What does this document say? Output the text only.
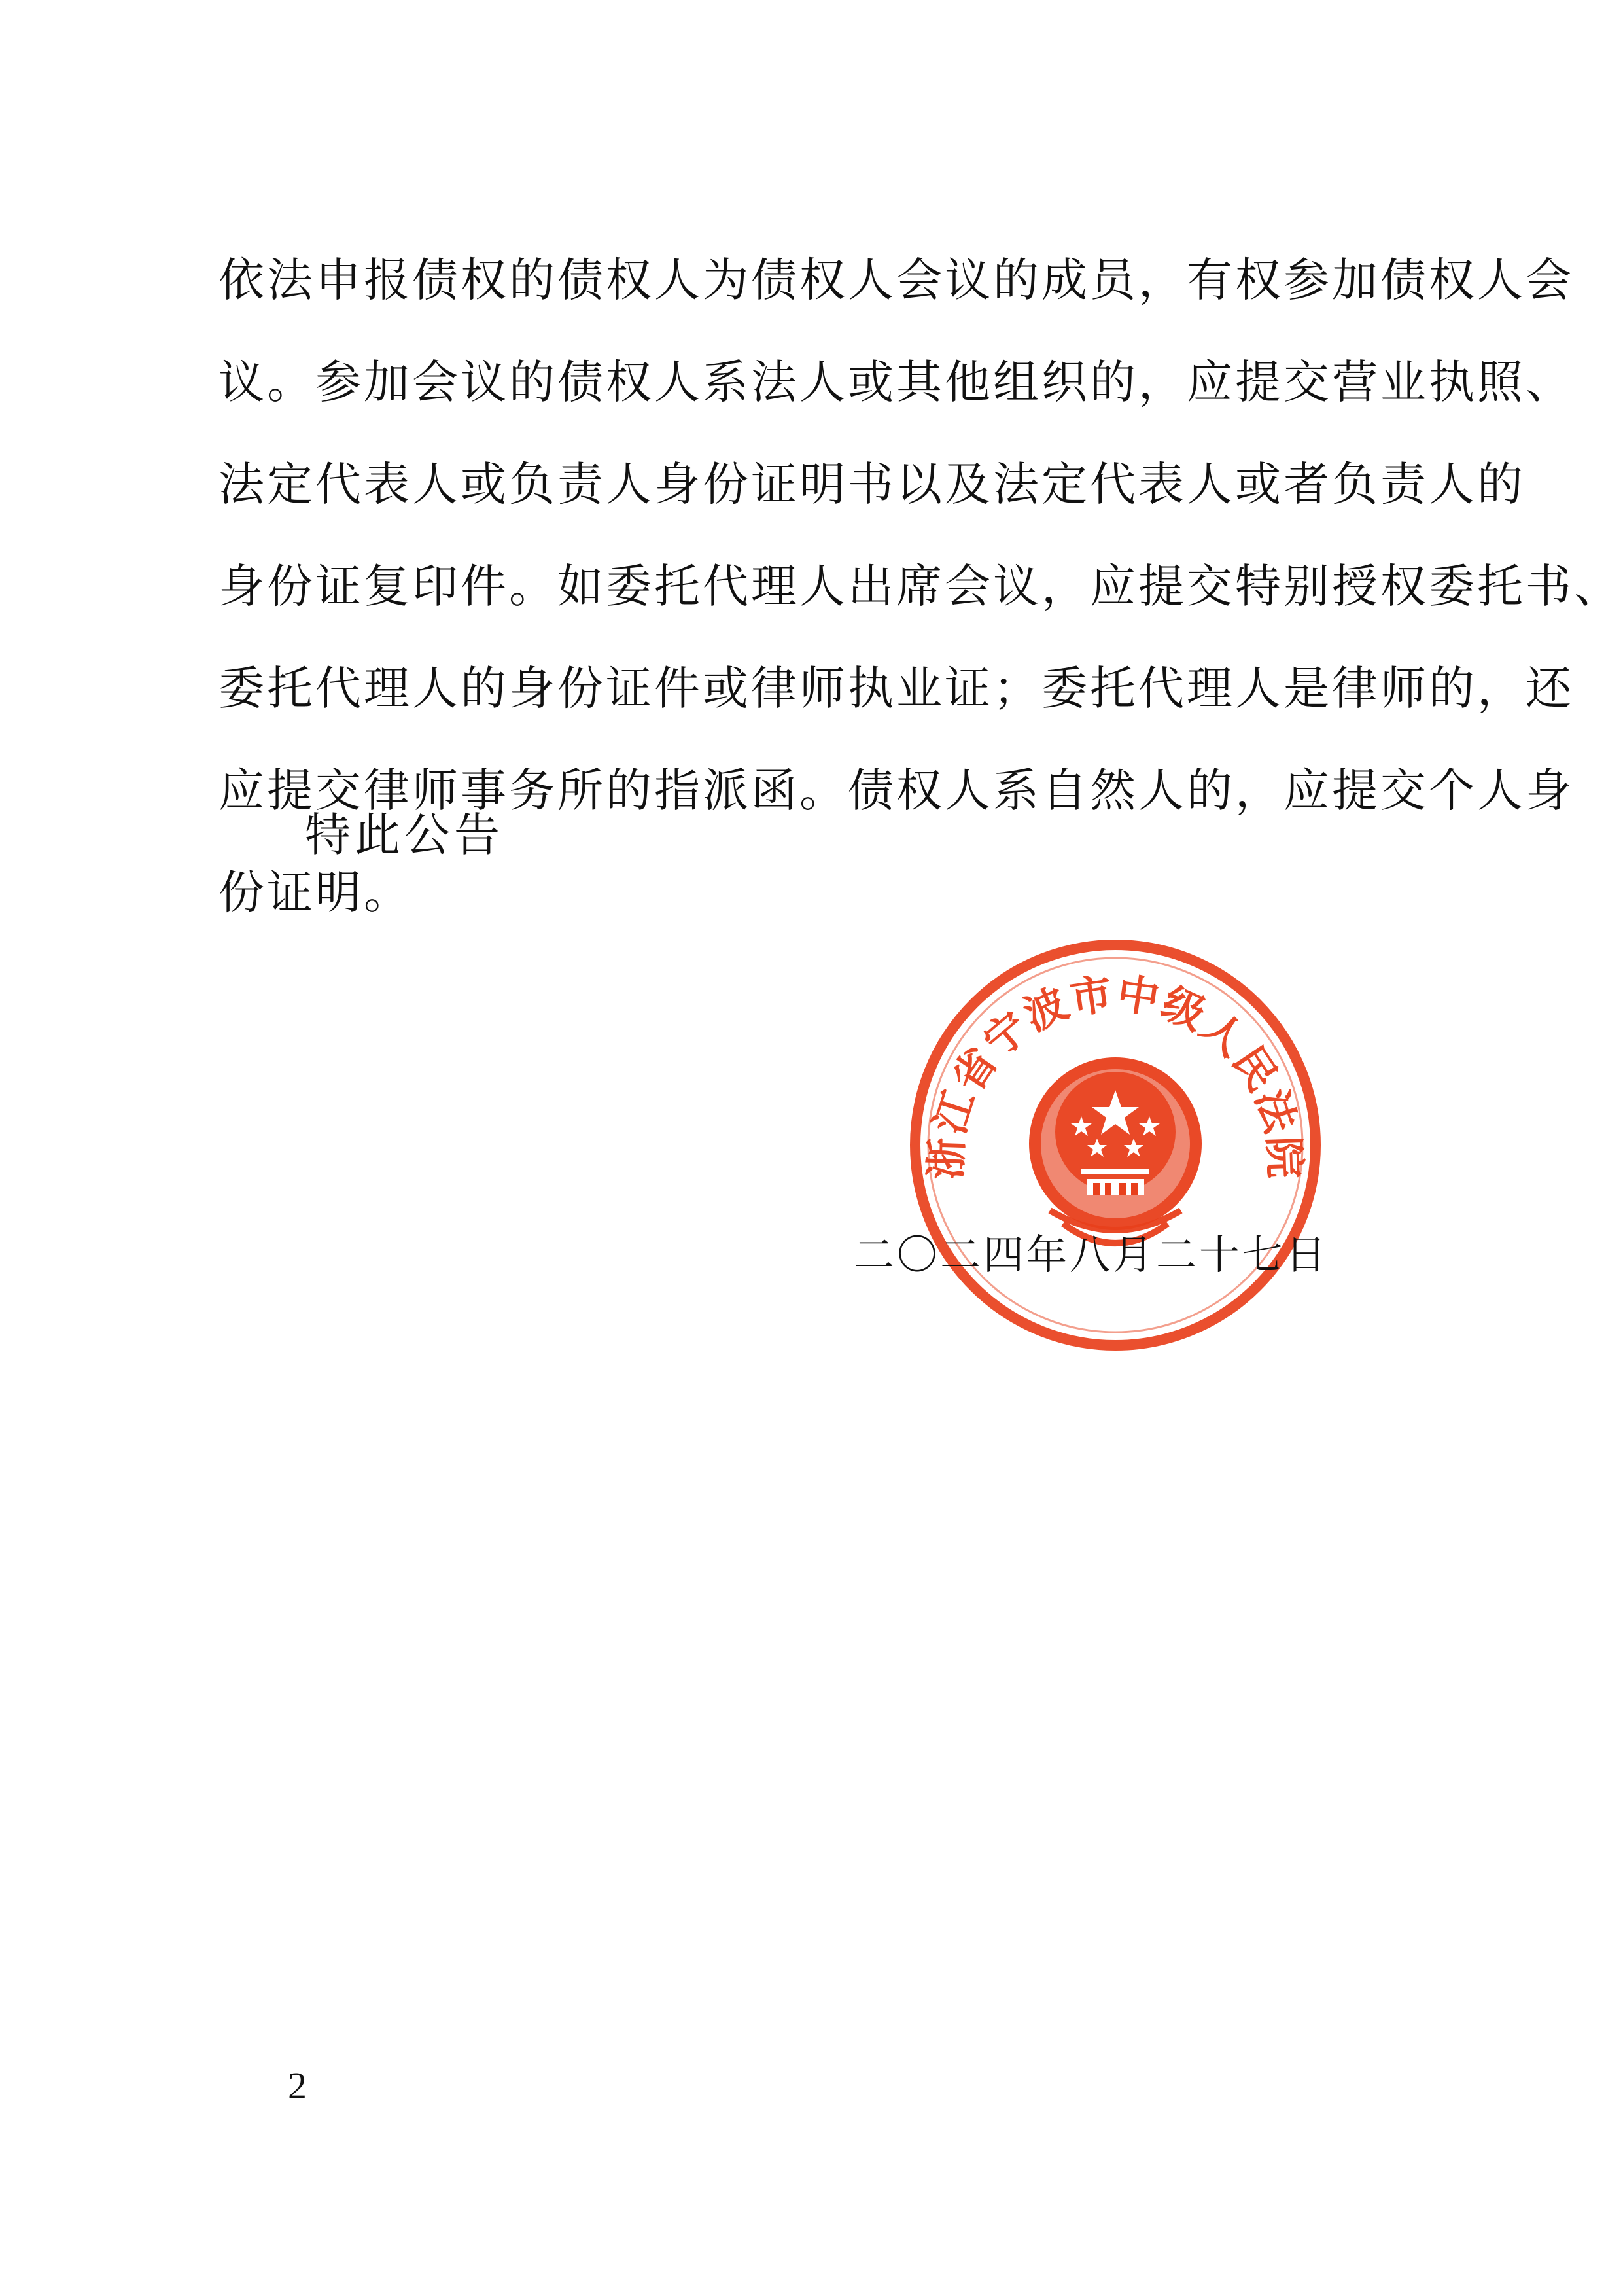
依法申报债权的债权人为债权人会议的成员，有权参加债权人会
议。参加会议的债权人系法人或其他组织的，应提交营业执照、
法定代表人或负责人身份证明书以及法定代表人或者负责人的
身份证复印件。如委托代理人出席会议，应提交特别授权委托书、
委托代理人的身份证件或律师执业证；委托代理人是律师的，还
应提交律师事务所的指派函。债权人系自然人的，应提交个人身
份证明。
特此公告
浙江省宁波市中级人民法院
二〇二四年八月二十七日
2
